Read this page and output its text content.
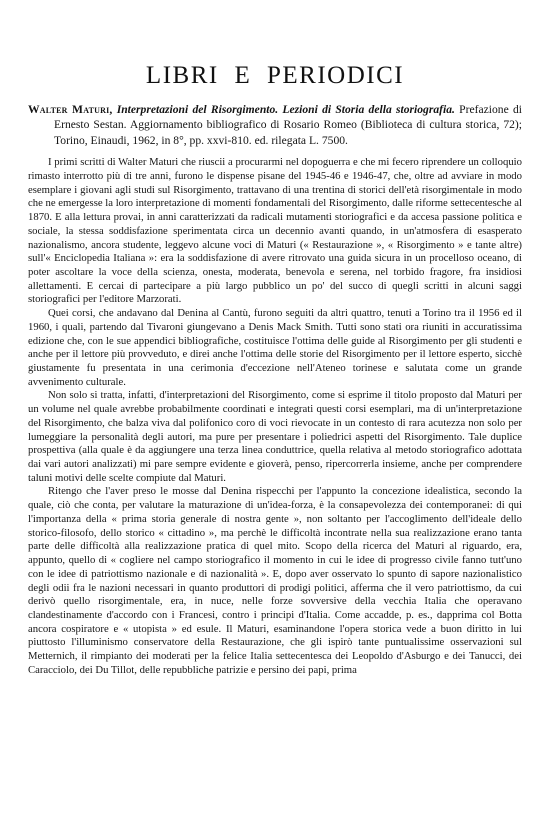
LIBRI E PERIODICI
Walter Maturi, Interpretazioni del Risorgimento. Lezioni di Storia della storiografia. Prefazione di Ernesto Sestan. Aggiornamento bibliografico di Rosario Romeo (Biblioteca di cultura storica, 72); Torino, Einaudi, 1962, in 8°, pp. xxvi-810. ed. rilegata L. 7500.

I primi scritti di Walter Maturi che riuscii a procurarmi nel dopoguerra e che mi fecero riprendere un colloquio rimasto interrotto più di tre anni, furono le dispense pisane del 1945-46 e 1946-47, che, oltre ad avviare in modo esemplare i giovani agli studi sul Risorgimento, trattavano di una trentina di storici dell'età risorgimentale in modo che ne emergesse la loro interpretazione di momenti fondamentali del Risorgimento, dalle riforme settecentesche al 1870. E alla lettura provai, in anni caratterizzati da radicali mutamenti storiografici e da accesa passione politica e sociale, la stessa soddisfazione sperimentata circa un decennio avanti quando, in un'atmosfera di esasperato nazionalismo, ancora studente, leggevo alcune voci di Maturi (« Restaurazione », « Risorgimento » e tante altre) sull'« Enciclopedia Italiana »: era la soddisfazione di avere ritrovato una guida sicura in un procelloso oceano, di poter ascoltare la voce della scienza, onesta, moderata, benevola e serena, nel torbido fragore, fra insidiosi allettamenti. E cercai di partecipare a più largo pubblico un po' del succo di quegli scritti in alcuni saggi storiografici per l'editore Marzorati.

Quei corsi, che andavano dal Denina al Cantù, furono seguiti da altri quattro, tenuti a Torino tra il 1956 ed il 1960, i quali, partendo dal Tivaroni giungevano a Denis Mack Smith. Tutti sono stati ora riuniti in accuratissima edizione che, con le sue appendici bibliografiche, costituisce l'ottima delle guide al Risorgimento per gli studenti e anche per il lettore più provveduto, e direi anche l'ottima delle storie del Risorgimento per il lettore esperto, sicchè giustamente fu presentata in una cerimonia d'eccezione nell'Ateneo torinese e salutata come un grande avvenimento culturale.

Non solo si tratta, infatti, d'interpretazioni del Risorgimento, come si esprime il titolo proposto dal Maturi per un volume nel quale avrebbe probabilmente coordinati e integrati questi corsi esemplari, ma di un'interpretazione del Risorgimento, che balza viva dal polifonico coro di voci rievocate in un contesto di rara acutezza non solo per lumeggiare la personalità degli autori, ma pure per presentare i poliedrici aspetti del Risorgimento. Tale duplice prospettiva (alla quale è da aggiungere una terza linea conduttrice, quella relativa al metodo storiografico adottata dai vari autori analizzati) mi pare sempre evidente e gioverà, penso, ripercorrerla insieme, anche per comprendere taluni motivi delle scelte compiute dal Maturi.

Ritengo che l'aver preso le mosse dal Denina rispecchi per l'appunto la concezione idealistica, secondo la quale, ciò che conta, per valutare la maturazione di un'idea-forza, è la consapevolezza dei contemporanei: di qui l'importanza della « prima storia generale di nostra gente », non soltanto per l'accoglimento dell'ideale dello storico-filosofo, dello storico « cittadino », ma perchè le difficoltà incontrate nella sua realizzazione erano tanta parte delle difficoltà alla realizzazione pratica di quel mito. Scopo della ricerca del Maturi al riguardo, era, appunto, quello di « cogliere nel campo storiografico il momento in cui le idee di progresso civile fanno tutt'uno con le idee di patriottismo nazionale e di nazionalità ». E, dopo aver osservato lo spunto di sapore nazionalistico degli odii fra le nazioni necessari in quanto produttori di prodigi politici, afferma che il vero patriottismo, da cui derivò quello risorgimentale, era, in nuce, nelle forze sovversive della vecchia Italia che operavano clandestinamente d'accordo con i Francesi, contro i principi d'Italia. Come accadde, p. es., dapprima col Botta ancora cospiratore e « utopista » ed esule. Il Maturi, esaminandone l'opera storica vede a buon diritto in lui piuttosto l'illuminismo conservatore della Restaurazione, che gli ispirò tante puntualissime osservazioni sul Metternich, il rimpianto dei moderati per la felice Italia settecentesca dei Leopoldo d'Asburgo e dei Tanucci, dei Caracciolo, dei Du Tillot, delle repubbliche patrizie e persino dei papi, prima
